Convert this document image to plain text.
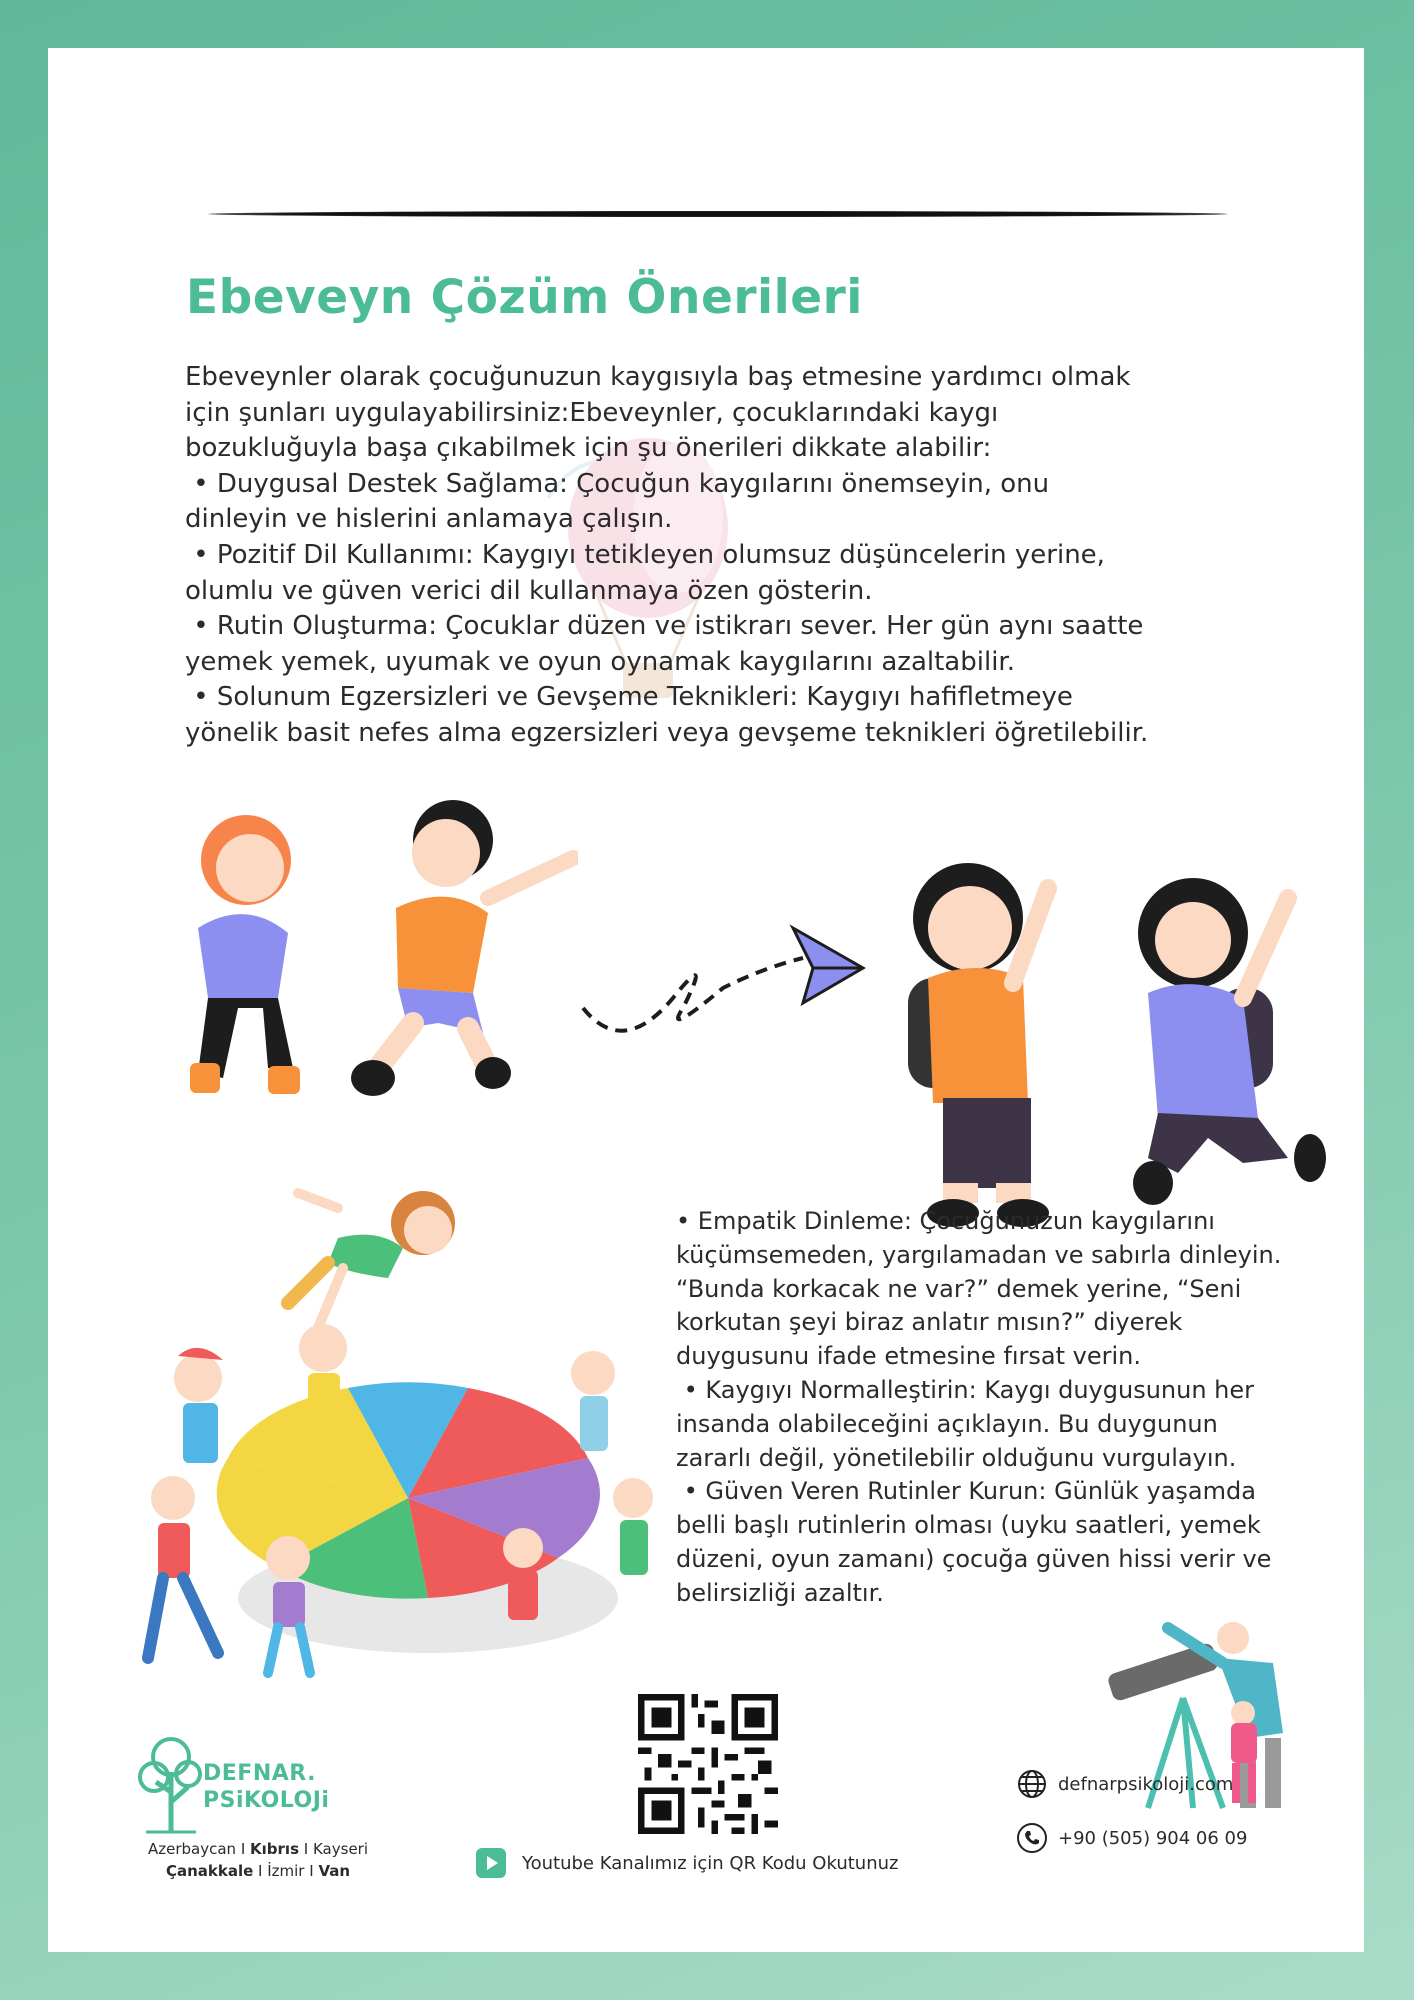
Ebeveyn Çözüm Önerileri

Ebeveynler olarak çocuğunuzun kaygısıyla baş etmesine yardımcı olmak

için şunları uygulayabilirsiniz:Ebeveynler, çocuklarındaki kaygı

bozukluğuyla başa çıkabilmek için şu önerileri dikkate alabilir:

• Duygusal Destek Sağlama: Çocuğun kaygılarını önemseyin, onu

dinleyin ve hislerini anlamaya çalışın.

• Pozitif Dil Kullanımı: Kaygıyı tetikleyen olumsuz düşüncelerin yerine,

olumlu ve güven verici dil kullanmaya özen gösterin.

• Rutin Oluşturma: Çocuklar düzen ve istikrarı sever. Her gün aynı saatte

yemek yemek, uyumak ve oyun oynamak kaygılarını azaltabilir.

• Solunum Egzersizleri ve Gevşeme Teknikleri: Kaygıyı hafifletmeye

yönelik basit nefes alma egzersizleri veya gevşeme teknikleri öğretilebilir.

• Empatik Dinleme: Çocuğunuzun kaygılarını

küçümsemeden, yargılamadan ve sabırla dinleyin.

“Bunda korkacak ne var?” demek yerine, “Seni

korkutan şeyi biraz anlatır mısın?” diyerek

duygusunu ifade etmesine fırsat verin.

• Kaygıyı Normalleştirin: Kaygı duygusunun her

insanda olabileceğini açıklayın. Bu duygunun

zararlı değil, yönetilebilir olduğunu vurgulayın.

• Güven Veren Rutinler Kurun: Günlük yaşamda

belli başlı rutinlerin olması (uyku saatleri, yemek

düzeni, oyun zamanı) çocuğa güven hissi verir ve

belirsizliği azaltır.

DEFNAR.
PSiKOLOJi
Azerbaycan I Kıbrıs I Kayseri
Çanakkale I İzmir I Van	Youtube Kanalımız için QR Kodu Okutunuz
defnarpsikoloji.com
+90 (505) 904 06 09
